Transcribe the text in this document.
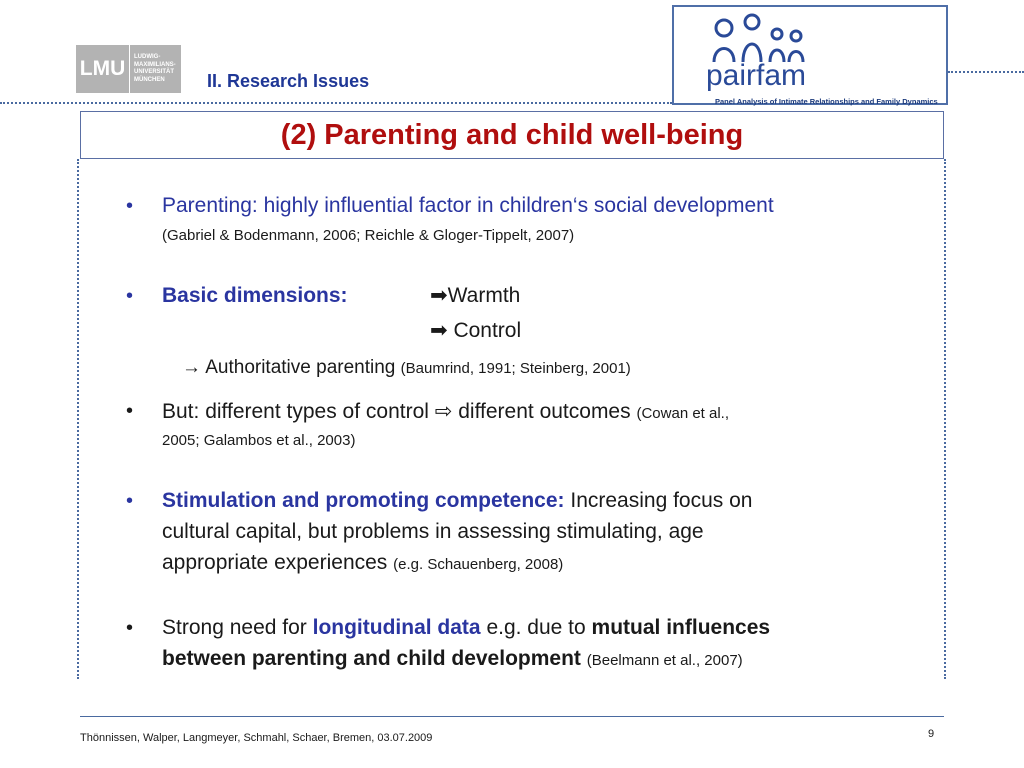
LMU	LUDWIG-
MAXIMILIANS-
UNIVERSITÄT
MÜNCHEN	II. Research Issues	pairfam
Panel Analysis of Intimate Relationships and Family Dynamics
(2) Parenting and child well-being
• Parenting: highly influential factor in children‘s social development
(Gabriel & Bodenmann, 2006; Reichle & Gloger-Tippelt, 2007)
• Basic dimensions:	➡Warmth
➡ Control
→ Authoritative parenting (Baumrind, 1991; Steinberg, 2001)
• But: different types of control ⇨ different outcomes (Cowan et al.,
2005; Galambos et al., 2003)
• Stimulation and promoting competence: Increasing focus on
cultural capital, but problems in assessing stimulating, age
appropriate experiences (e.g. Schauenberg, 2008)
• Strong need for longitudinal data e.g. due to mutual influences
between parenting and child development (Beelmann et al., 2007)
Thönnissen, Walper, Langmeyer, Schmahl, Schaer, Bremen, 03.07.2009	9
